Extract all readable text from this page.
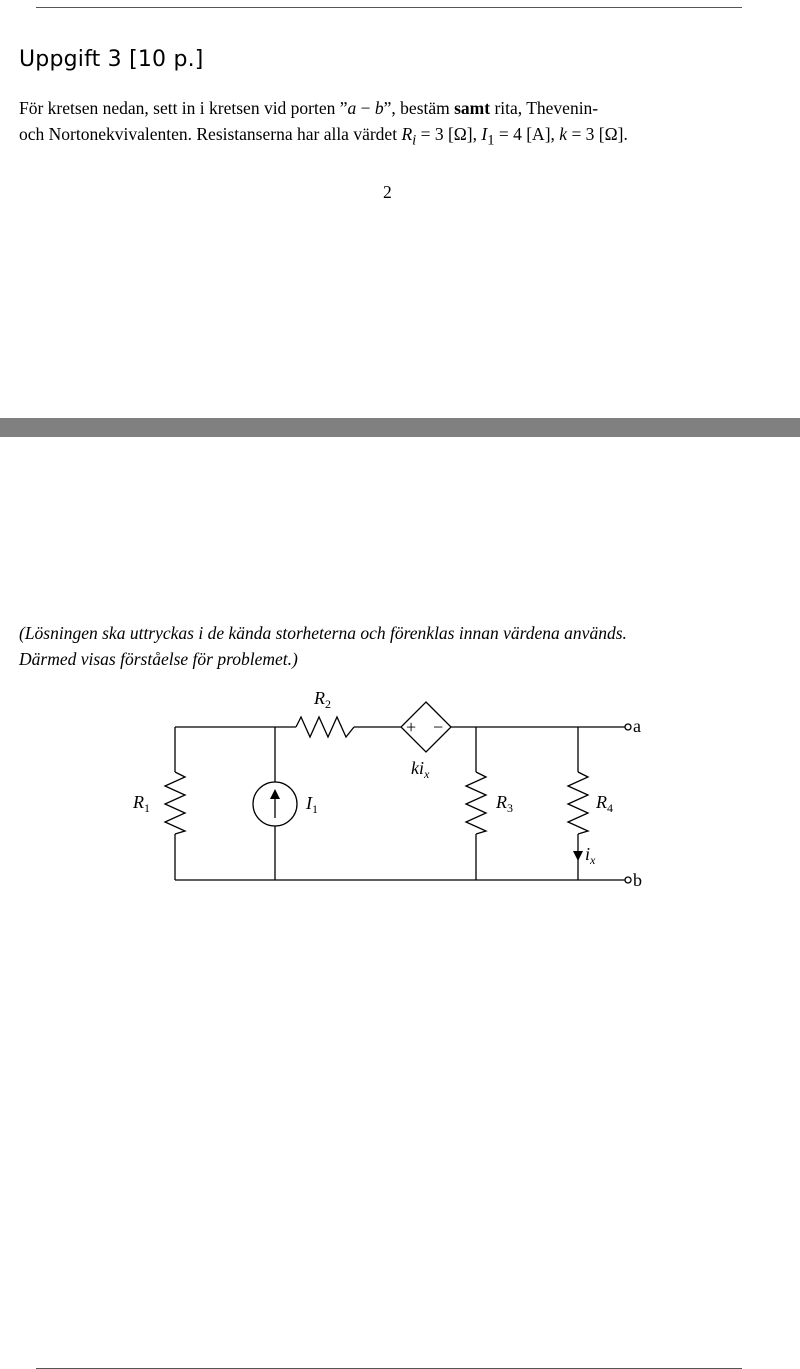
Uppgift 3 [10 p.]
För kretsen nedan, sett in i kretsen vid porten ”a − b”, bestäm samt rita, Thevenin-
och Nortonekvivalenten. Resistanserna har alla värdet $R_i = 3$ [Ω], $I_1 = 4$ [A], k = 3 [Ω].
2
(Lösningen ska uttryckas i de kända storheterna och förenklas innan värdena används.
Därmed visas förståelse för problemet.)
$R_1$
$R_2$
$I_1$
+ −
$ki_x$
$R_3$	$R_4$
$i_x$
a
b
